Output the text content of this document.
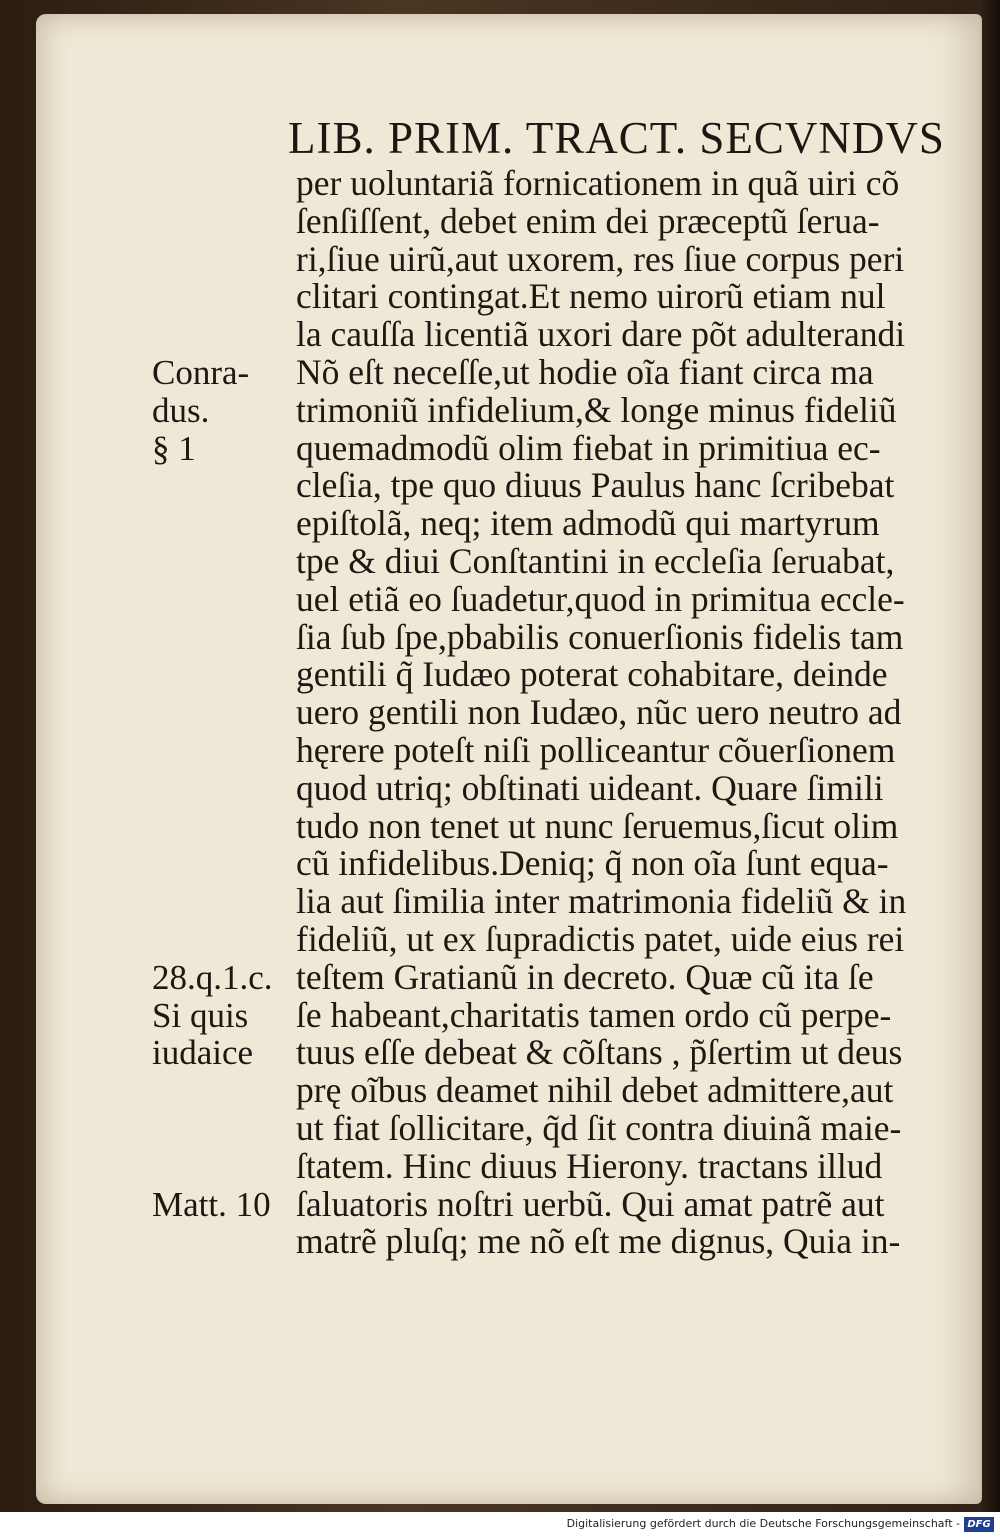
LIB. PRIM. TRACT. SECVNDVS
per uoluntariã fornicationem in quã uiri cõ
ſenſiſſent, debet enim dei præceptũ ſerua-
ri,ſiue uirũ,aut uxorem, res ſiue corpus peri
clitari contingat.Et nemo uirorũ etiam nul
la cauſſa licentiã uxori dare põt adulterandi
Nõ eſt neceſſe,ut hodie oĩa fiant circa ma
trimoniũ infidelium,& longe minus fideliũ
quemadmodũ olim fiebat in primitiua ec-
cleſia, tpe quo diuus Paulus hanc ſcribebat
epiſtolã, neq; item admodũ qui martyrum
tpe & diui Conſtantini in eccleſia ſeruabat,
uel etiã eo ſuadetur,quod in primitua eccle-
ſia ſub ſpe,pbabilis conuerſionis fidelis tam
gentili q̃ Iudæo poterat cohabitare, deinde
uero gentili non Iudæo, nũc uero neutro ad
hęrere poteſt niſi polliceantur cõuerſionem
quod utriq; obſtinati uideant. Quare ſimili
tudo non tenet ut nunc ſeruemus,ſicut olim
cũ infidelibus.Deniq; q̃ non oĩa ſunt equa-
lia aut ſimilia inter matrimonia fideliũ & in
fideliũ, ut ex ſupradictis patet, uide eius rei
teſtem Gratianũ in decreto. Quæ cũ ita ſe
ſe habeant,charitatis tamen ordo cũ perpe-
tuus eſſe debeat & cõſtans , p̃ſertim ut deus
prę oĩbus deamet nihil debet admittere,aut
ut fiat ſollicitare, q̃d ſit contra diuinã maie-
ſtatem. Hinc diuus Hierony. tractans illud
ſaluatoris noſtri uerbũ. Qui amat patrẽ aut
matrẽ pluſq; me nõ eſt me dignus, Quia in-
Conra-
dus.
§ 1
28.q.1.c.
Si quis
iudaice
Matt. 10
Digitalisierung gefördert durch die Deutsche Forschungsgemeinschaft - DFG
